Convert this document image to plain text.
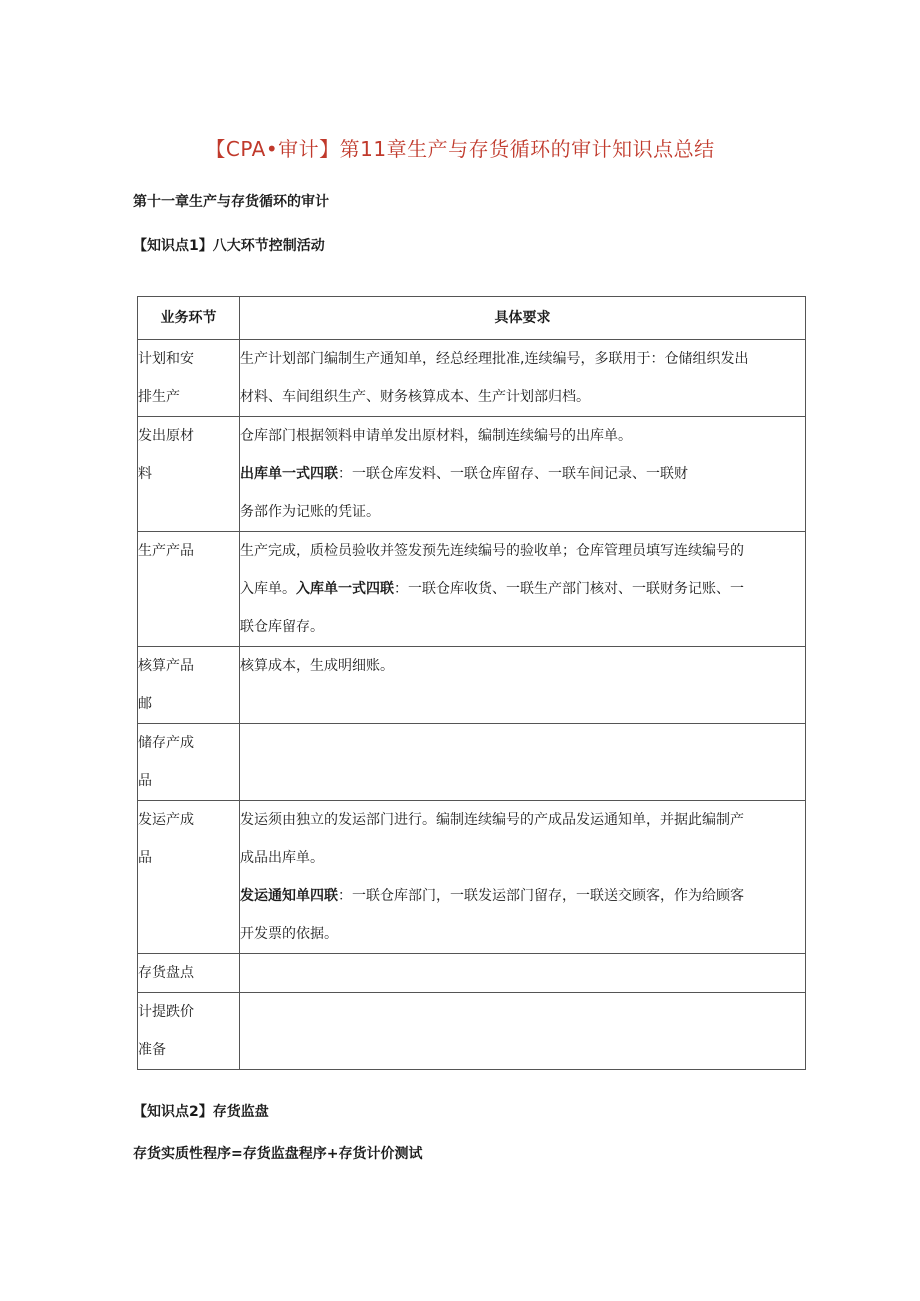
【CPA•审计】第11章生产与存货循环的审计知识点总结
第十一章生产与存货循环的审计
【知识点1】八大环节控制活动
业务环节	具体要求

计划和安
排生产	生产计划部门编制生产通知单，经总经理批准,连续编号，多联用于：仓储组织发出
材料、车间组织生产、财务核算成本、生产计划部归档。

发出原材
料	仓库部门根据领料申请单发出原材料，编制连续编号的出库单。
出库单一式四联：一联仓库发料、一联仓库留存、一联车间记录、一联财
务部作为记账的凭证。

生产产品	生产完成，质检员验收并签发预先连续编号的验收单；仓库管理员填写连续编号的
入库单。入库单一式四联：一联仓库收货、一联生产部门核对、一联财务记账、一
联仓库留存。

核算产品
邮	核算成本，生成明细账。

储存产成
品	

发运产成
品	发运须由独立的发运部门进行。编制连续编号的产成品发运通知单，并据此编制产
成品出库单。
发运通知单四联：一联仓库部门，一联发运部门留存，一联送交顾客，作为给顾客
开发票的依据。

存货盘点	

计提跌价
准备	

【知识点2】存货监盘
存货实质性程序=存货监盘程序+存货计价测试
